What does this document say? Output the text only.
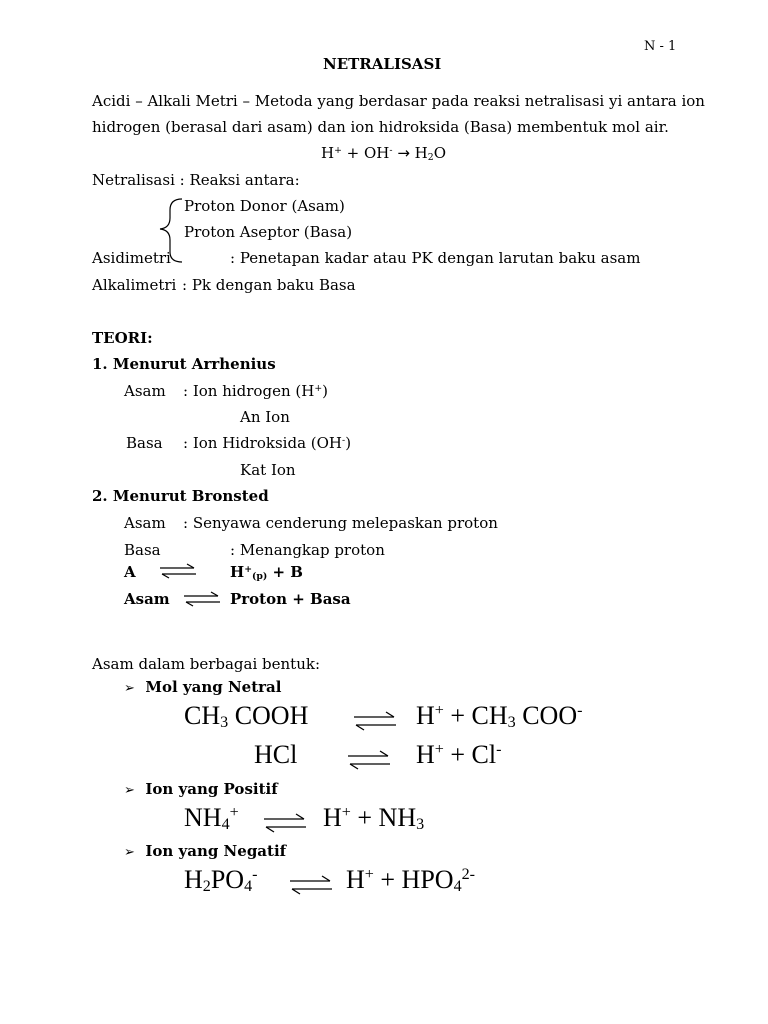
N - 1
NETRALISASI
Acidi – Alkali Metri – Metoda yang berdasar pada reaksi netralisasi yi antara ion
hidrogen (berasal dari asam) dan ion hidroksida (Basa) membentuk mol air.
$H^+ + OH^- \to H_2O$
Netralisasi : Reaksi antara:
Proton Donor (Asam)
Proton Aseptor (Basa)
Asidimetri	: Penetapan kadar atau PK dengan larutan baku asam
Alkalimetri : Pk dengan baku Basa
TEORI:
1. Menurut Arrhenius
Asam : Ion hidrogen (H+)
An Ion
Basa : Ion Hidroksida (OH-)
Kat Ion
2. Menurut Bronsted
Asam : Senyawa cenderung melepaskan proton
Basa	: Menangkap proton
A ⇌ $H^+_{(p)} + B$
Asam ⇌ Proton + Basa
Asam dalam berbagai bentuk:
➢ Mol yang Netral
$CH_3$ COOH	⇌ $H^+ + CH_3$ COO-
HCl	⇌ H+ + Cl-
➢ Ion yang Positif
$NH_4^+$ ⇌ $H^+ + NH_3$
➢ Ion yang Negatif
$H_2PO_4^-$ ⇌ $H^+ + HPO_4^{2-}$
